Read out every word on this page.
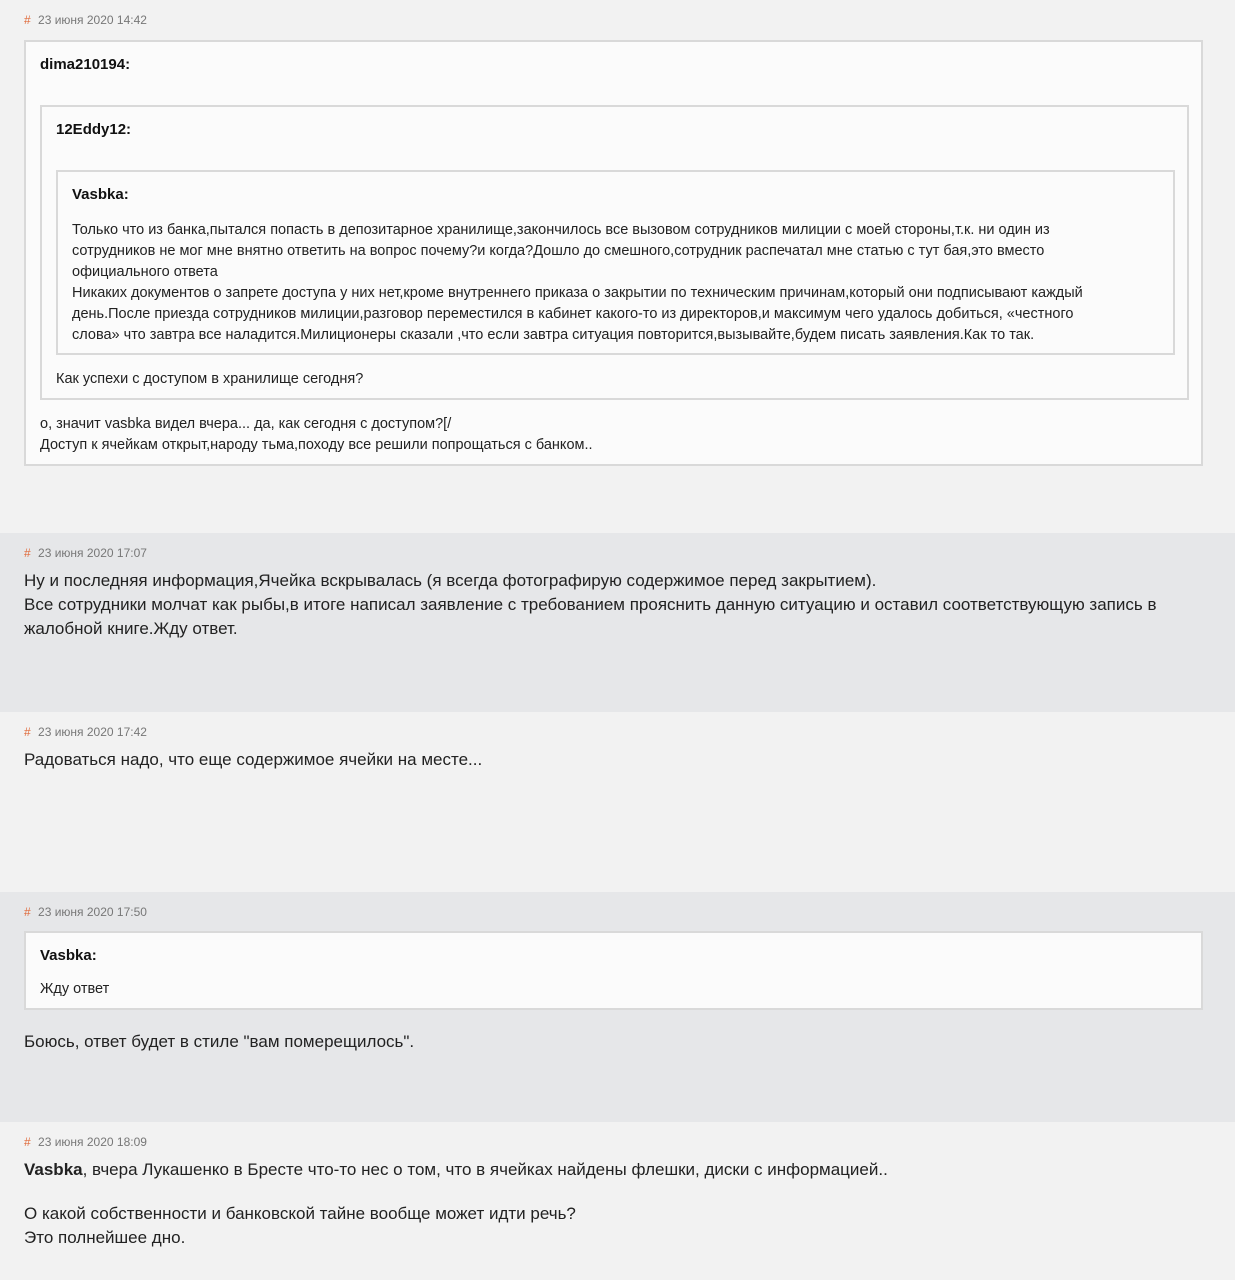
# 23 июня 2020 14:42
dima210194:
12Eddy12:
Vasbka:
Только что из банка,пытался попасть в депозитарное хранилище,закончилось все вызовом сотрудников милиции с моей стороны,т.к. ни один из
сотрудников не мог мне внятно ответить на вопрос почему?и когда?Дошло до смешного,сотрудник распечатал мне статью с тут бая,это вместо
официального ответа
Никаких документов о запрете доступа у них нет,кроме внутреннего приказа о закрытии по техническим причинам,который они подписывают каждый
день.После приезда сотрудников милиции,разговор переместился в кабинет какого-то из директоров,и максимум чего удалось добиться, «честного
слова» что завтра все наладится.Милиционеры сказали ,что если завтра ситуация повторится,вызывайте,будем писать заявления.Как то так.
Как успехи с доступом в хранилище сегодня?
о, значит vasbka видел вчера... да, как сегодня с доступом?[/
Доступ к ячейкам открыт,народу тьма,походу все решили попрощаться с банком..
# 23 июня 2020 17:07
Ну и последняя информация,Ячейка вскрывалась (я всегда фотографирую содержимое перед закрытием).
Все сотрудники молчат как рыбы,в итоге написал заявление с требованием прояснить данную ситуацию и оставил соответствующую запись в
жалобной книге.Жду ответ.
# 23 июня 2020 17:42
Радоваться надо, что еще содержимое ячейки на месте...
# 23 июня 2020 17:50
Vasbka:
Жду ответ
Боюсь, ответ будет в стиле "вам померещилось".
# 23 июня 2020 18:09
Vasbka, вчера Лукашенко в Бресте что-то нес о том, что в ячейках найдены флешки, диски с информацией..
О какой собственности и банковской тайне вообще может идти речь?
Это полнейшее дно.
